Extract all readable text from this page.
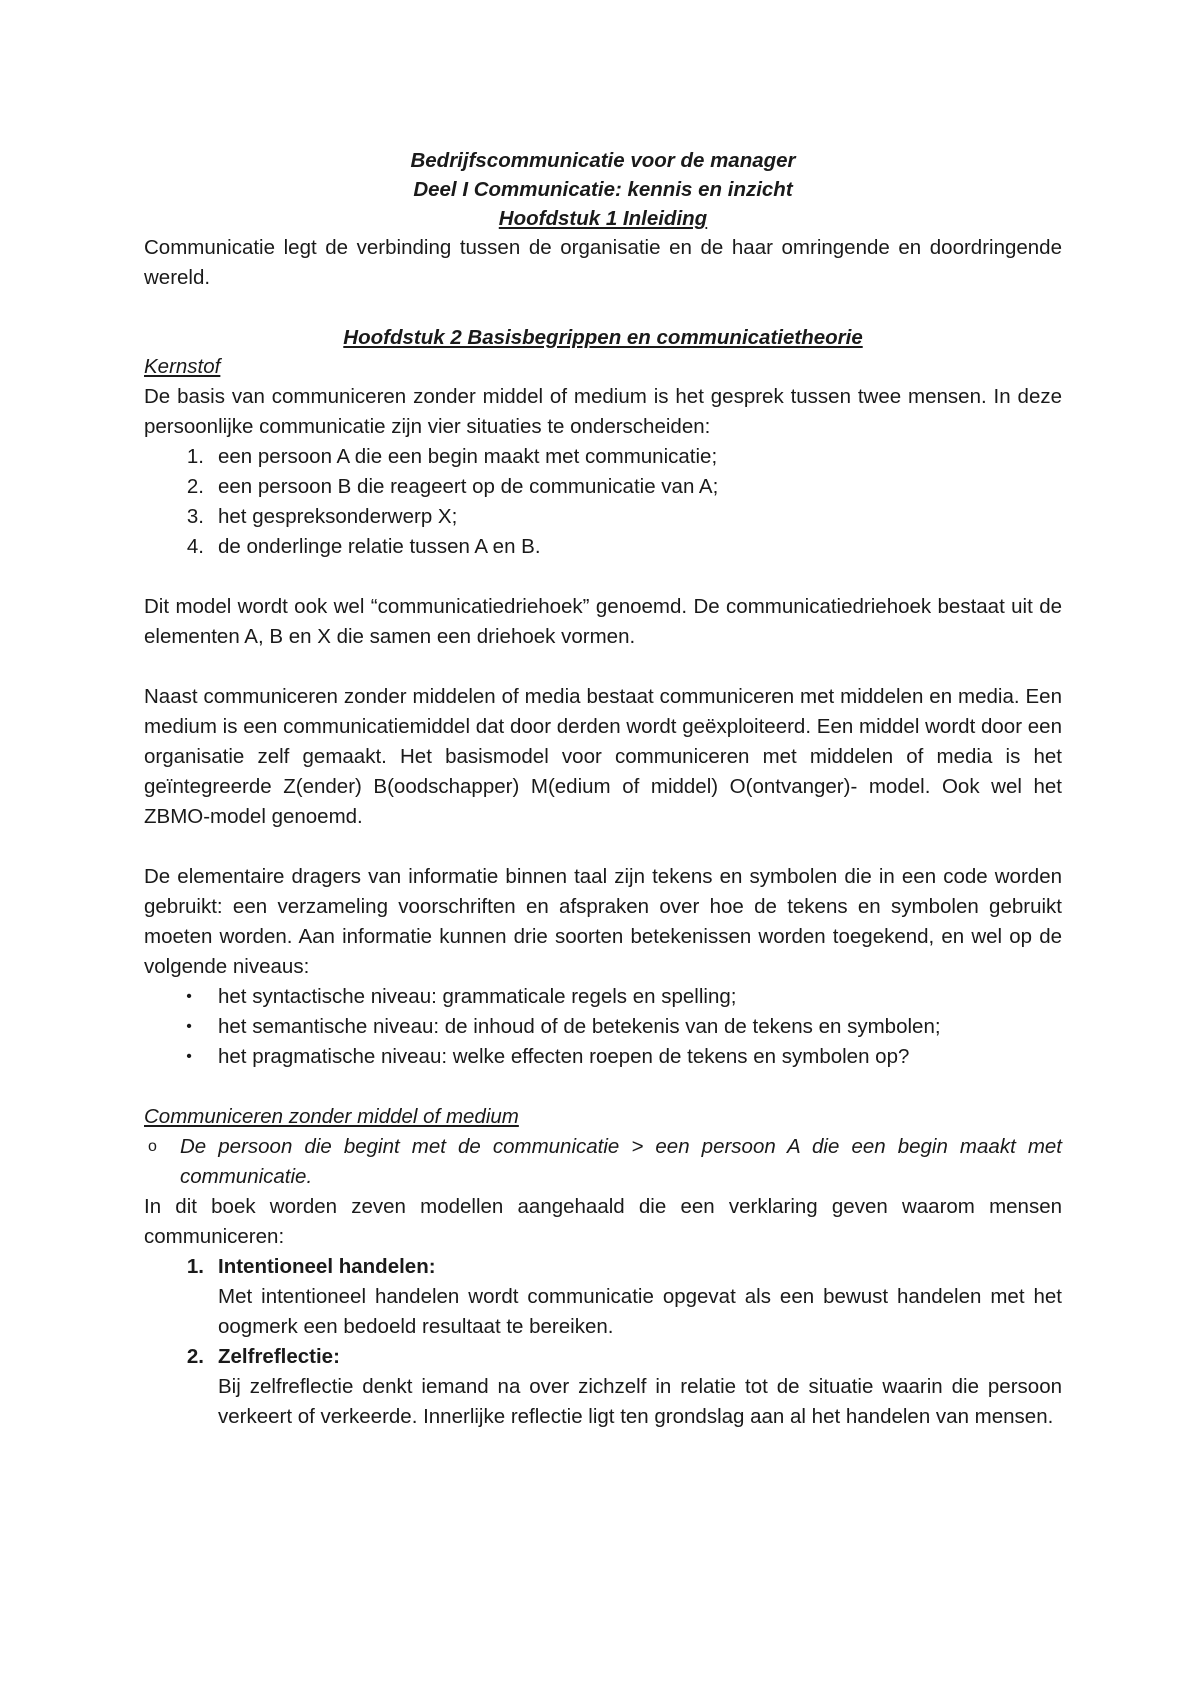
Bedrijfscommunicatie voor de manager
Deel I Communicatie: kennis en inzicht
Hoofdstuk 1 Inleiding

Communicatie legt de verbinding tussen de organisatie en de haar omringende en doordringende wereld.

Hoofdstuk 2 Basisbegrippen en communicatietheorie
Kernstof

De basis van communiceren zonder middel of medium is het gesprek tussen twee mensen. In deze persoonlijke communicatie zijn vier situaties te onderscheiden:

1. een persoon A die een begin maakt met communicatie;
2. een persoon B die reageert op de communicatie van A;
3. het gespreksonderwerp X;
4. de onderlinge relatie tussen A en B.

Dit model wordt ook wel “communicatiedriehoek” genoemd. De communicatiedriehoek bestaat uit de elementen A, B en X die samen een driehoek vormen.

Naast communiceren zonder middelen of media bestaat communiceren met middelen en media. Een medium is een communicatiemiddel dat door derden wordt geëxploiteerd. Een middel wordt door een organisatie zelf gemaakt. Het basismodel voor communiceren met middelen of media is het geïntegreerde Z(ender) B(oodschapper) M(edium of middel) O(ontvanger)- model. Ook wel het ZBMO-model genoemd.

De elementaire dragers van informatie binnen taal zijn tekens en symbolen die in een code worden gebruikt: een verzameling voorschriften en afspraken over hoe de tekens en symbolen gebruikt moeten worden. Aan informatie kunnen drie soorten betekenissen worden toegekend, en wel op de volgende niveaus:

• het syntactische niveau: grammaticale regels en spelling;
• het semantische niveau: de inhoud of de betekenis van de tekens en symbolen;
• het pragmatische niveau: welke effecten roepen de tekens en symbolen op?
Communiceren zonder middel of medium
o De persoon die begint met de communicatie > een persoon A die een begin maakt met communicatie.

In dit boek worden zeven modellen aangehaald die een verklaring geven waarom mensen communiceren:

1. Intentioneel handelen:
Met intentioneel handelen wordt communicatie opgevat als een bewust handelen met het oogmerk een bedoeld resultaat te bereiken.
2. Zelfreflectie:
Bij zelfreflectie denkt iemand na over zichzelf in relatie tot de situatie waarin die persoon verkeert of verkeerde. Innerlijke reflectie ligt ten grondslag aan al het handelen van mensen.
